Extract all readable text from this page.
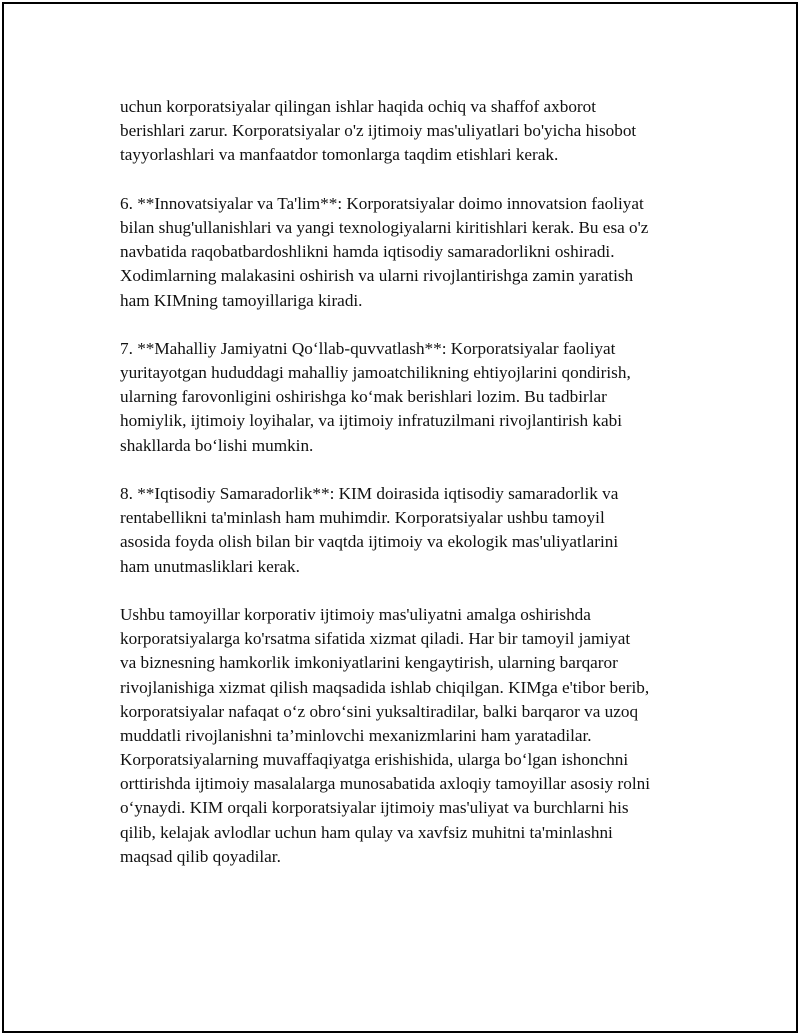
uchun korporatsiyalar qilingan ishlar haqida ochiq va shaffof axborot
berishlari zarur. Korporatsiyalar o'z ijtimoiy mas'uliyatlari bo'yicha hisobot
tayyorlashlari va manfaatdor tomonlarga taqdim etishlari kerak.

6. **Innovatsiyalar va Ta'lim**: Korporatsiyalar doimo innovatsion faoliyat
bilan shug'ullanishlari va yangi texnologiyalarni kiritishlari kerak. Bu esa o'z
navbatida raqobatbardoshlikni hamda iqtisodiy samaradorlikni oshiradi.
Xodimlarning malakasini oshirish va ularni rivojlantirishga zamin yaratish
ham KIMning tamoyillariga kiradi.

7. **Mahalliy Jamiyatni Qo‘llab-quvvatlash**: Korporatsiyalar faoliyat
yuritayotgan hududdagi mahalliy jamoatchilikning ehtiyojlarini qondirish,
ularning farovonligini oshirishga ko‘mak berishlari lozim. Bu tadbirlar
homiylik, ijtimoiy loyihalar, va ijtimoiy infratuzilmani rivojlantirish kabi
shakllarda bo‘lishi mumkin.

8. **Iqtisodiy Samaradorlik**: KIM doirasida iqtisodiy samaradorlik va
rentabellikni ta'minlash ham muhimdir. Korporatsiyalar ushbu tamoyil
asosida foyda olish bilan bir vaqtda ijtimoiy va ekologik mas'uliyatlarini
ham unutmasliklari kerak.

Ushbu tamoyillar korporativ ijtimoiy mas'uliyatni amalga oshirishda
korporatsiyalarga ko'rsatma sifatida xizmat qiladi. Har bir tamoyil jamiyat
va biznesning hamkorlik imkoniyatlarini kengaytirish, ularning barqaror
rivojlanishiga xizmat qilish maqsadida ishlab chiqilgan. KIMga e'tibor berib,
korporatsiyalar nafaqat o‘z obro‘sini yuksaltiradilar, balki barqaror va uzoq
muddatli rivojlanishni ta’minlovchi mexanizmlarini ham yaratadilar.
Korporatsiyalarning muvaffaqiyatga erishishida, ularga bo‘lgan ishonchni
orttirishda ijtimoiy masalalarga munosabatida axloqiy tamoyillar asosiy rolni
o‘ynaydi. KIM orqali korporatsiyalar ijtimoiy mas'uliyat va burchlarni his
qilib, kelajak avlodlar uchun ham qulay va xavfsiz muhitni ta'minlashni
maqsad qilib qoyadilar.
